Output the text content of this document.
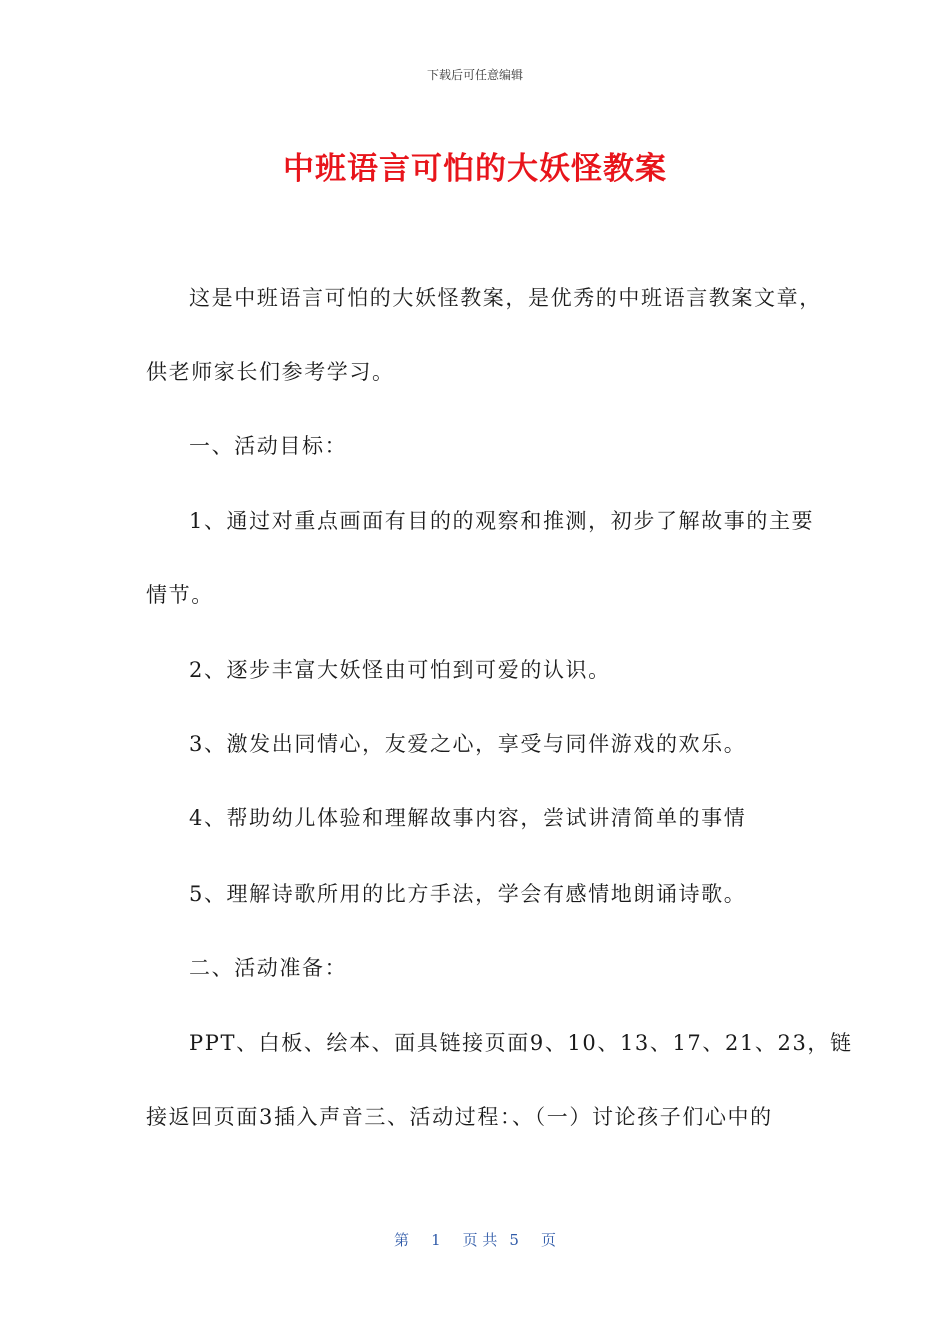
下载后可任意编辑
中班语言可怕的大妖怪教案
这是中班语言可怕的大妖怪教案，是优秀的中班语言教案文章，
供老师家长们参考学习。
一、活动目标：
1、通过对重点画面有目的的观察和推测，初步了解故事的主要
情节。
2、逐步丰富大妖怪由可怕到可爱的认识。
3、激发出同情心，友爱之心，享受与同伴游戏的欢乐。
4、帮助幼儿体验和理解故事内容，尝试讲清简单的事情
5、理解诗歌所用的比方手法，学会有感情地朗诵诗歌。
二、活动准备：
PPT、白板、绘本、面具链接页面9、10、13、17、21、23，链
接返回页面3插入声音三、活动过程：、（一）讨论孩子们心中的
第 1 页 共 5 页
